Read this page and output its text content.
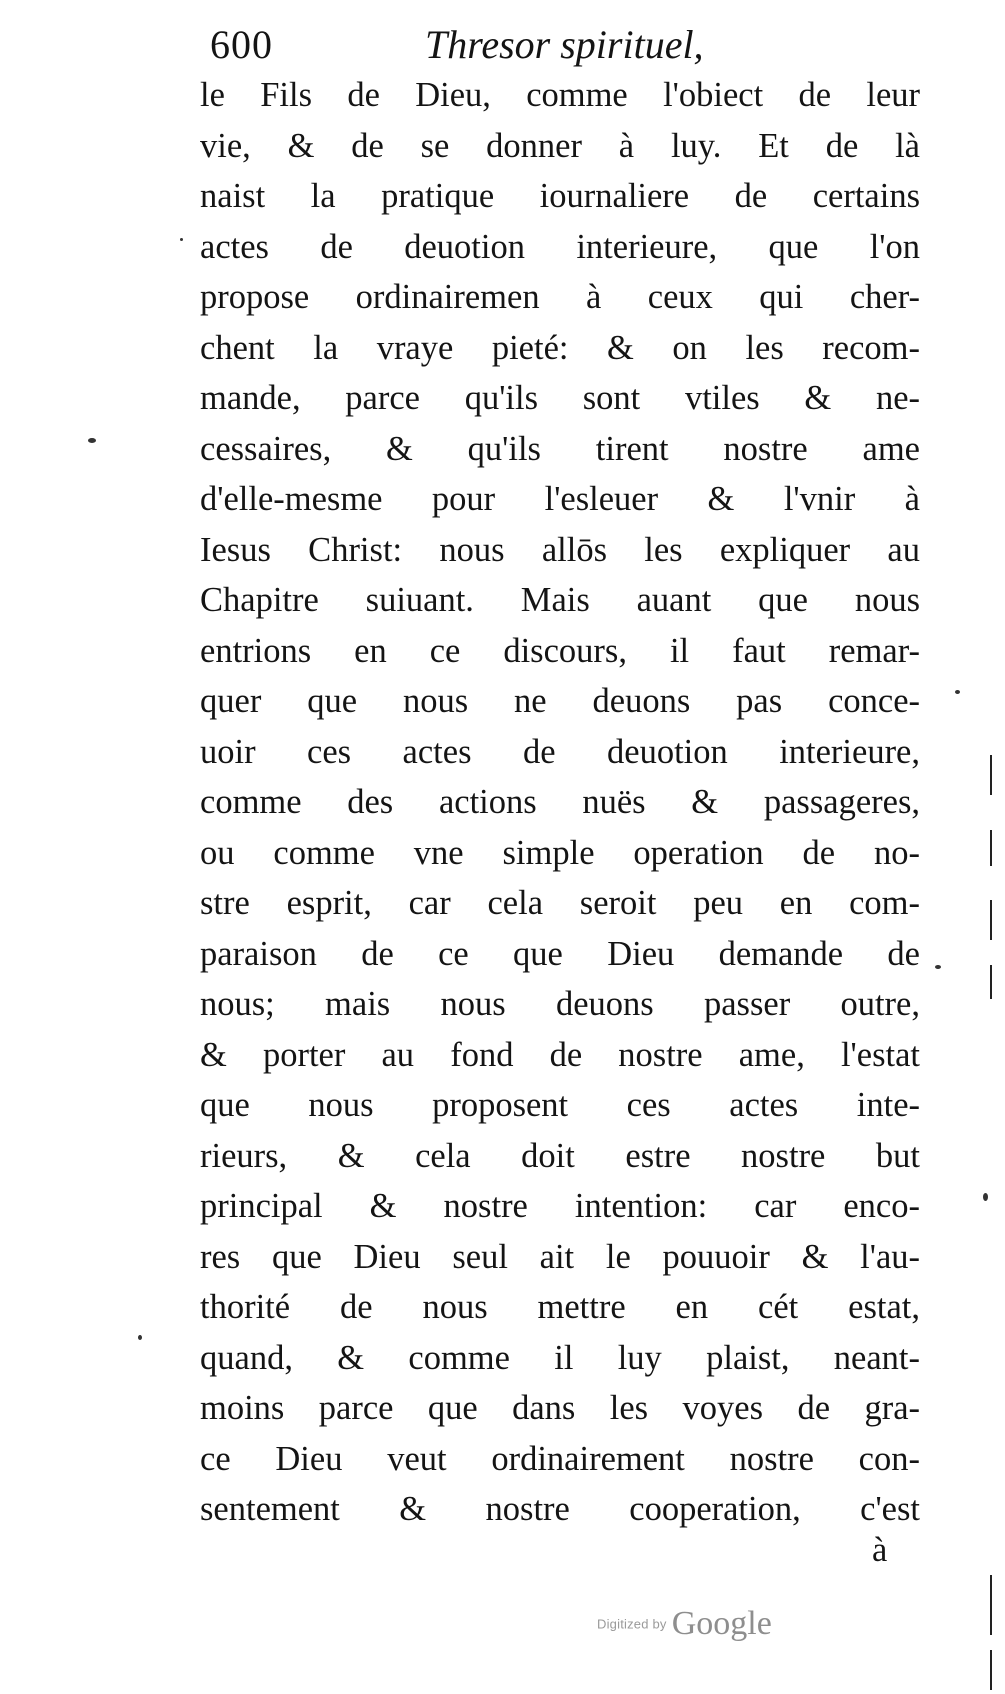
600	Thresor spirituel,
le Fils de Dieu, comme l'obiect de leur
vie, & de se donner à luy. Et de là
naist la pratique iournaliere de certains
actes de deuotion interieure, que l'on
propose ordinairemen à ceux qui cher-
chent la vraye pieté: & on les recom-
mande, parce qu'ils sont vtiles & ne-
cessaires, & qu'ils tirent nostre ame
d'elle-mesme pour l'esleuer & l'vnir à
Iesus Christ: nous allōs les expliquer au
Chapitre suiuant. Mais auant que nous
entrions en ce discours, il faut remar-
quer que nous ne deuons pas conce-
uoir ces actes de deuotion interieure,
comme des actions nuës & passageres,
ou comme vne simple operation de no-
stre esprit, car cela seroit peu en com-
paraison de ce que Dieu demande de
nous; mais nous deuons passer outre,
& porter au fond de nostre ame, l'estat
que nous proposent ces actes inte-
rieurs, & cela doit estre nostre but
principal & nostre intention: car enco-
res que Dieu seul ait le pouuoir & l'au-
thorité de nous mettre en cét estat,
quand, & comme il luy plaist, neant-
moins parce que dans les voyes de gra-
ce Dieu veut ordinairement nostre con-
sentement & nostre cooperation, c'est
à
Digitized by Google
